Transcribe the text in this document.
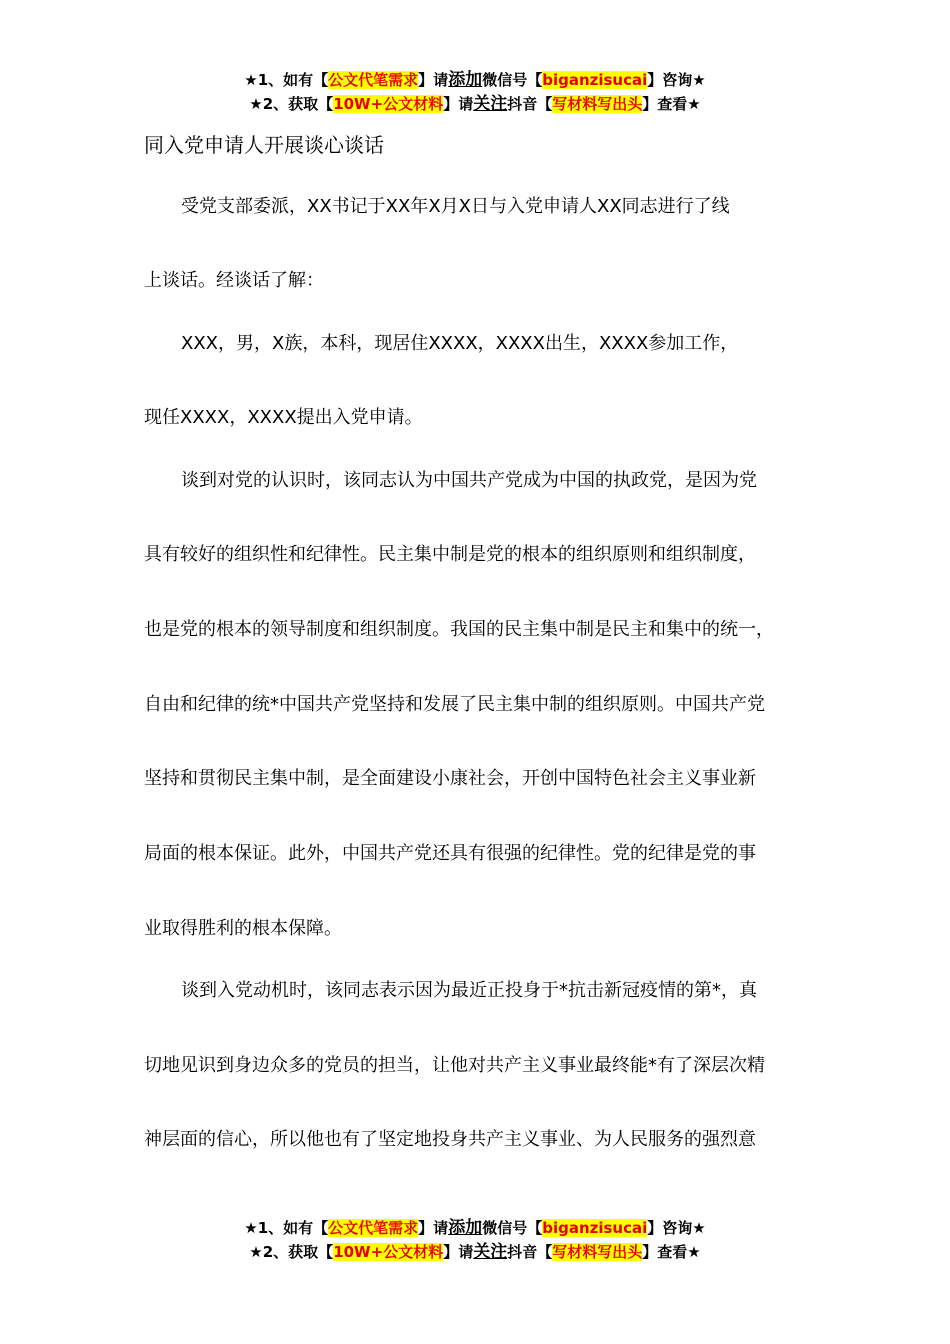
★1、如有【公文代笔需求】请添加微信号【biganzisucai】咨询★
★2、获取【10W+公文材料】请关注抖音【写材料写出头】查看★
同入党申请人开展谈心谈话
受党支部委派，XX书记于XX年X月X日与入党申请人XX同志进行了线
上谈话。经谈话了解：
XXX，男，X族，本科，现居住XXXX，XXXX出生，XXXX参加工作，
现任XXXX，XXXX提出入党申请。
谈到对党的认识时，该同志认为中国共产党成为中国的执政党，是因为党
具有较好的组织性和纪律性。民主集中制是党的根本的组织原则和组织制度，
也是党的根本的领导制度和组织制度。我国的民主集中制是民主和集中的统一，
自由和纪律的统*中国共产党坚持和发展了民主集中制的组织原则。中国共产党
坚持和贯彻民主集中制，是全面建设小康社会，开创中国特色社会主义事业新
局面的根本保证。此外，中国共产党还具有很强的纪律性。党的纪律是党的事
业取得胜利的根本保障。
谈到入党动机时，该同志表示因为最近正投身于*抗击新冠疫情的第*，真
切地见识到身边众多的党员的担当，让他对共产主义事业最终能*有了深层次精
神层面的信心，所以他也有了坚定地投身共产主义事业、为人民服务的强烈意
★1、如有【公文代笔需求】请添加微信号【biganzisucai】咨询★
★2、获取【10W+公文材料】请关注抖音【写材料写出头】查看★
